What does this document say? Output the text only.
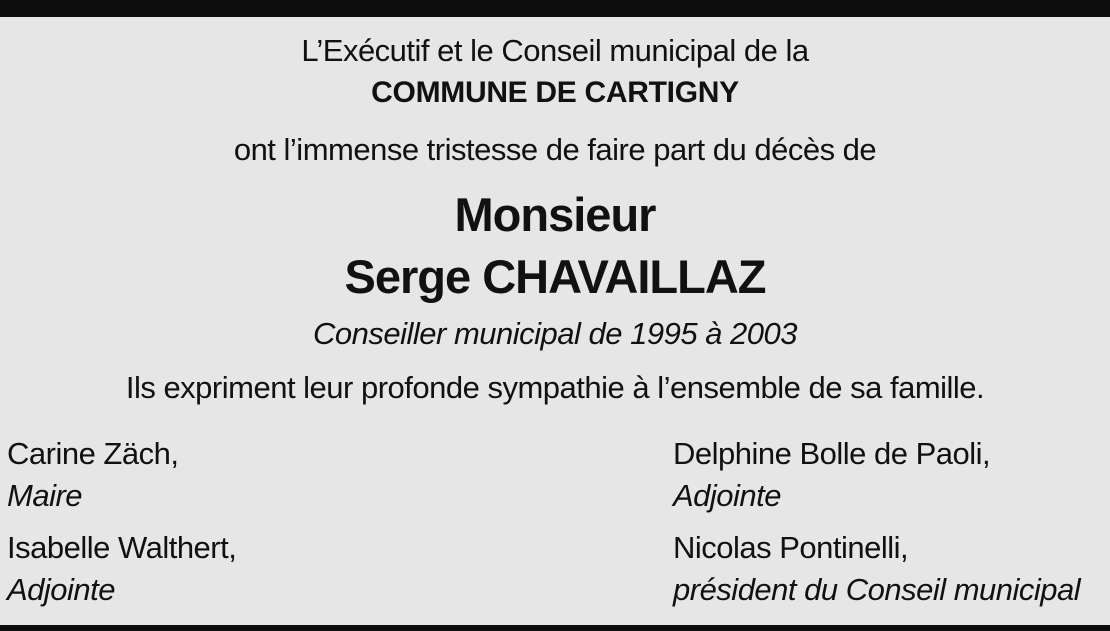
L’Exécutif et le Conseil municipal de la
COMMUNE DE CARTIGNY
ont l’immense tristesse de faire part du décès de
Monsieur
Serge CHAVAILLAZ
Conseiller municipal de 1995 à 2003
Ils expriment leur profonde sympathie à l’ensemble de sa famille.
Carine Zäch,
Maire
Delphine Bolle de Paoli,
Adjointe
Isabelle Walthert,
Adjointe
Nicolas Pontinelli,
président du Conseil municipal
